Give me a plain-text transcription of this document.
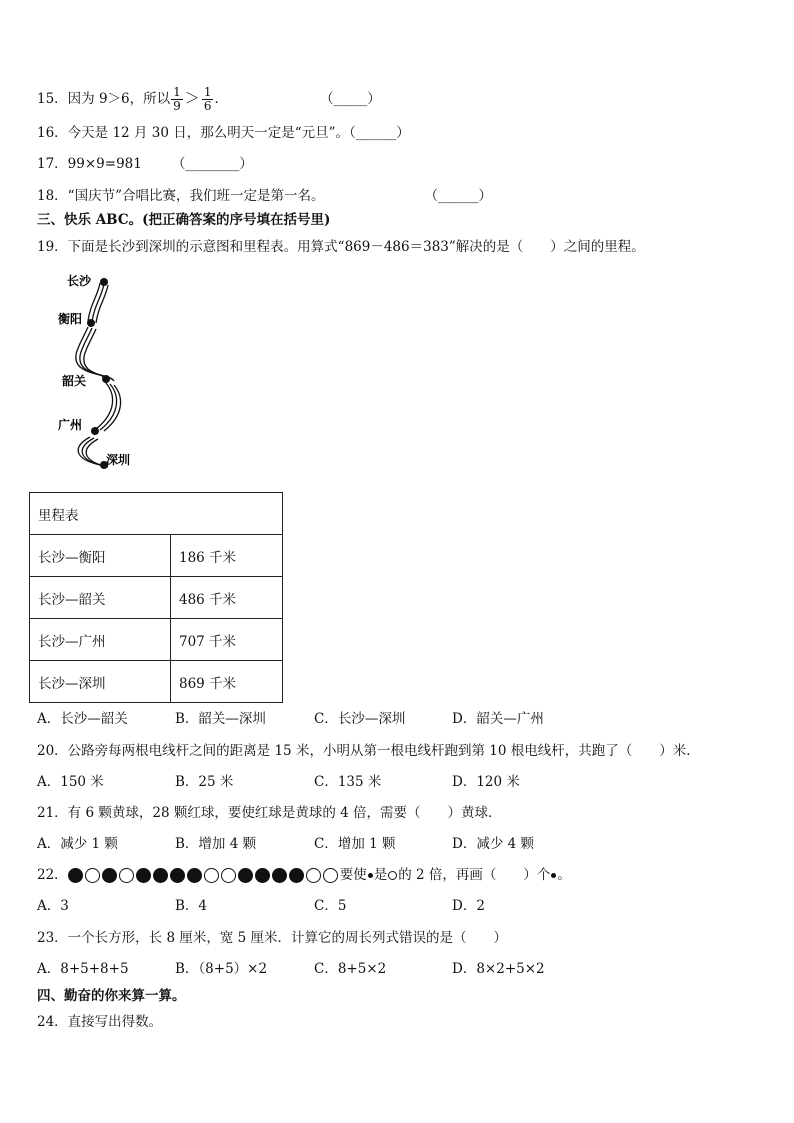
15．因为 9＞6，所以 $\frac{1}{9} > \frac{1}{6}$ ．	（_____）
16．今天是 12 月 30 日，那么明天一定是“元旦”。（______）
17．99×9=981 （________）
18．“国庆节”合唱比赛，我们班一定是第一名。	（______）
三、快乐 ABC。(把正确答案的序号填在括号里)
19．下面是长沙到深圳的示意图和里程表。用算式“869－486＝383”解决的是（　　）之间的里程。
长沙
衡阳
韶关
广州
深圳
里程表	
长沙—衡阳	186 千米
长沙—韶关	486 千米
长沙—广州	707 千米
长沙—深圳	869 千米
A．长沙—韶关	B．韶关—深圳	C．长沙—深圳	D．韶关—广州
20．公路旁每两根电线杆之间的距离是 15 米，小明从第一根电线杆跑到第 10 根电线杆，共跑了（　　）米．
A．150 米	B．25 米	C．135 米	D．120 米
21．有 6 颗黄球，28 颗红球，要使红球是黄球的 4 倍，需要（　　）黄球．
A．减少 1 颗	B．增加 4 颗	C．增加 1 颗	D．减少 4 颗
22．	要使 是 的 2 倍，再画（　　）个 。
A．3	B．4	C．5	D．2
23．一个长方形，长 8 厘米，宽 5 厘米．计算它的周长列式错误的是（　　）
A．8+5+8+5	B．（8+5）×2	C．8+5×2	D．8×2+5×2
四、勤奋的你来算一算。
24．直接写出得数。
